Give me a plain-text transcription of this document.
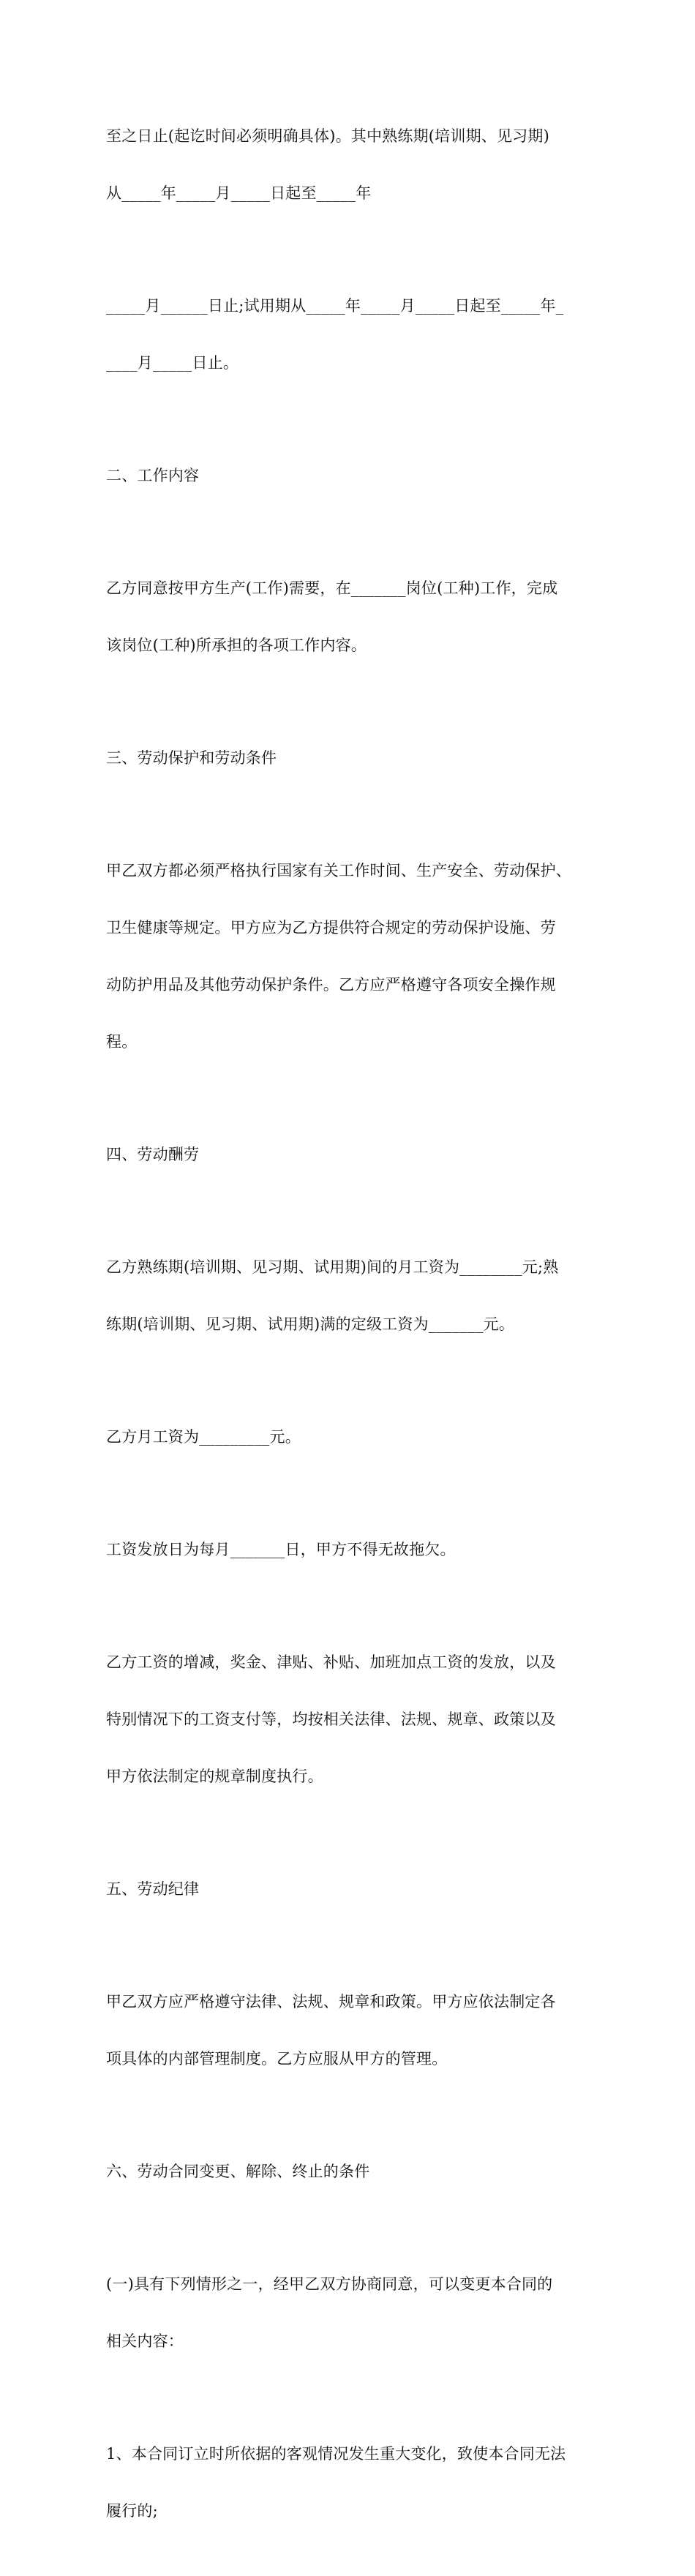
至之日止(起讫时间必须明确具体)。其中熟练期(培训期、见习期)

从_____年_____月_____日起至_____年

_____月______日止;试用期从_____年_____月_____日起至_____年_

____月_____日止。

二、工作内容

乙方同意按甲方生产(工作)需要，在_______岗位(工种)工作，完成

该岗位(工种)所承担的各项工作内容。

三、劳动保护和劳动条件

甲乙双方都必须严格执行国家有关工作时间、生产安全、劳动保护、

卫生健康等规定。甲方应为乙方提供符合规定的劳动保护设施、劳

动防护用品及其他劳动保护条件。乙方应严格遵守各项安全操作规

程。

四、劳动酬劳

乙方熟练期(培训期、见习期、试用期)间的月工资为________元;熟

练期(培训期、见习期、试用期)满的定级工资为_______元。

乙方月工资为_________元。

工资发放日为每月_______日，甲方不得无故拖欠。

乙方工资的增减，奖金、津贴、补贴、加班加点工资的发放，以及

特别情况下的工资支付等，均按相关法律、法规、规章、政策以及

甲方依法制定的规章制度执行。

五、劳动纪律

甲乙双方应严格遵守法律、法规、规章和政策。甲方应依法制定各

项具体的内部管理制度。乙方应服从甲方的管理。

六、劳动合同变更、解除、终止的条件

(一)具有下列情形之一，经甲乙双方协商同意，可以变更本合同的

相关内容：

1、本合同订立时所依据的客观情况发生重大变化，致使本合同无法

履行的;
